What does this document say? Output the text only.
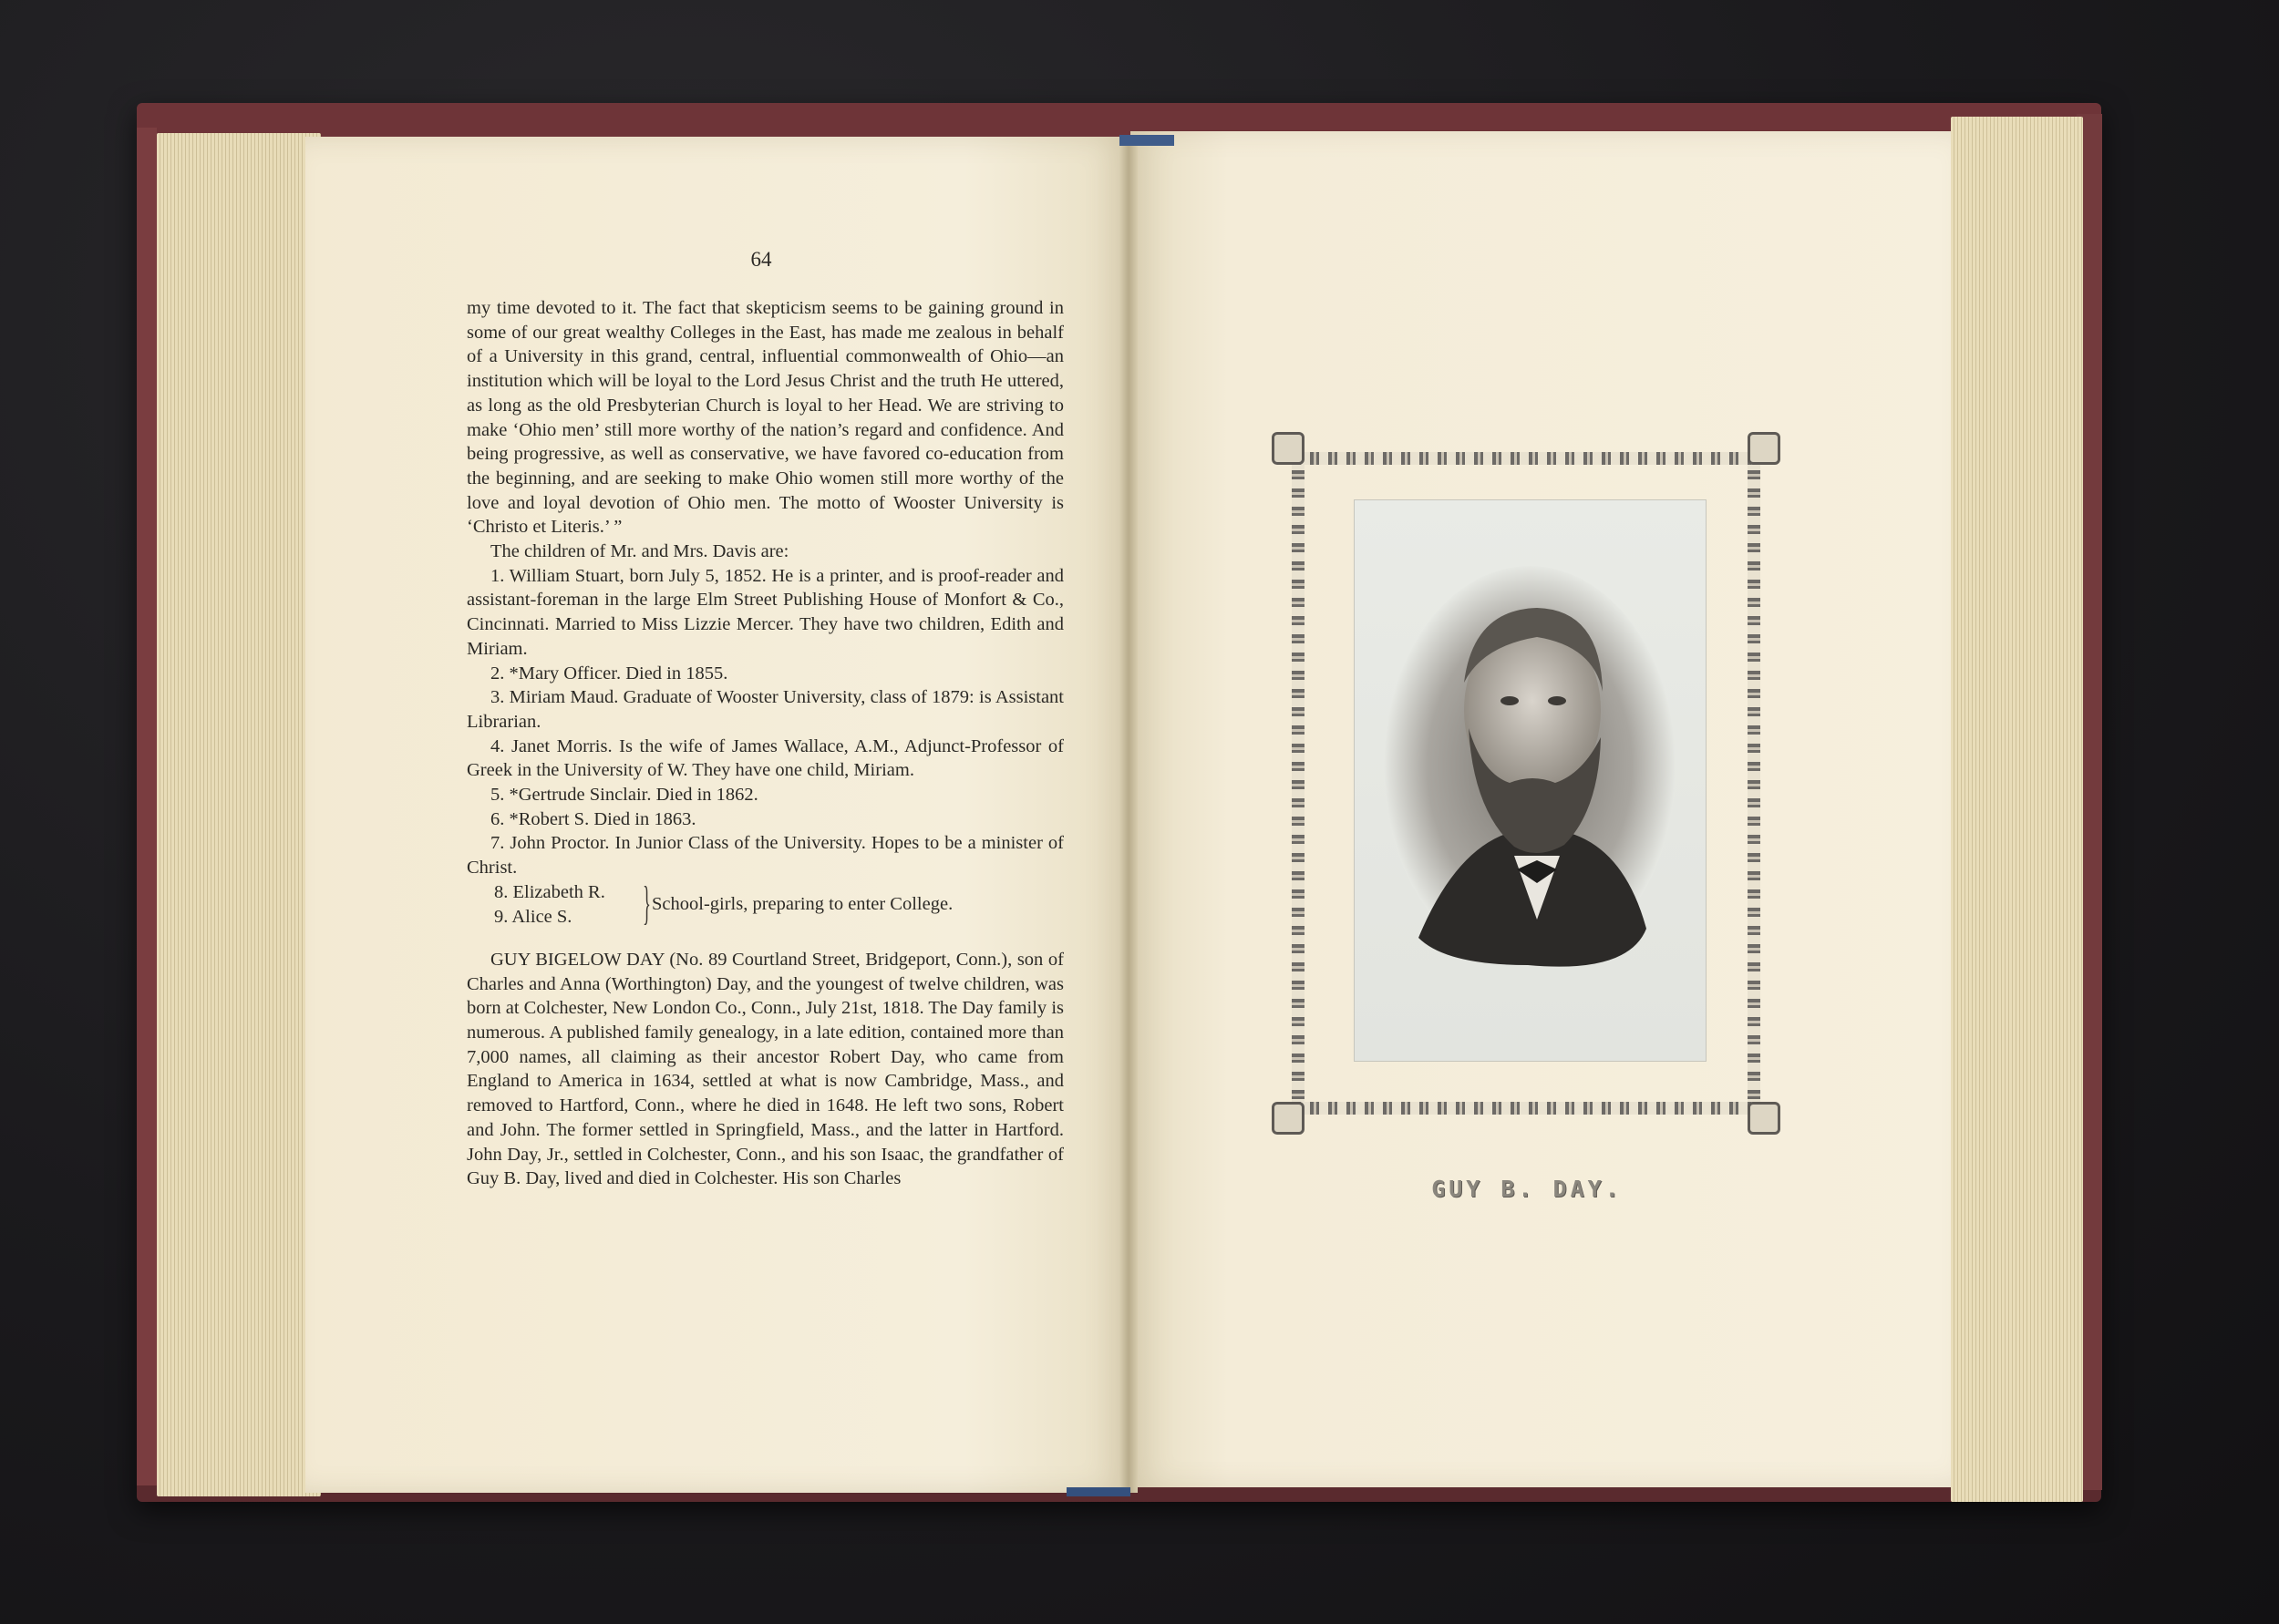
64
my time devoted to it. The fact that skepticism seems to be gaining ground in some of our great wealthy Colleges in the East, has made me zealous in behalf of a University in this grand, central, influential commonwealth of Ohio—an institution which will be loyal to the Lord Jesus Christ and the truth He uttered, as long as the old Presbyterian Church is loyal to her Head. We are striving to make ‘Ohio men’ still more worthy of the nation’s regard and confidence. And being progressive, as well as conservative, we have favored co-education from the beginning, and are seeking to make Ohio women still more worthy of the love and loyal devotion of Ohio men. The motto of Wooster University is ‘Christo et Literis.’ ”
The children of Mr. and Mrs. Davis are:
1. William Stuart, born July 5, 1852. He is a printer, and is proof-reader and assistant-foreman in the large Elm Street Publishing House of Monfort & Co., Cincinnati. Married to Miss Lizzie Mercer. They have two children, Edith and Miriam.
2. *Mary Officer. Died in 1855.
3. Miriam Maud. Graduate of Wooster University, class of 1879: is Assistant Librarian.
4. Janet Morris. Is the wife of James Wallace, A.M., Adjunct-Professor of Greek in the University of W. They have one child, Miriam.
5. *Gertrude Sinclair. Died in 1862.
6. *Robert S. Died in 1863.
7. John Proctor. In Junior Class of the University. Hopes to be a minister of Christ.
8. Elizabeth R.
9. Alice S.	} School-girls, preparing to enter College.
GUY BIGELOW DAY (No. 89 Courtland Street, Bridgeport, Conn.), son of Charles and Anna (Worthington) Day, and the youngest of twelve children, was born at Colchester, New London Co., Conn., July 21st, 1818. The Day family is numerous. A published family genealogy, in a late edition, contained more than 7,000 names, all claiming as their ancestor Robert Day, who came from England to America in 1634, settled at what is now Cambridge, Mass., and removed to Hartford, Conn., where he died in 1648. He left two sons, Robert and John. The former settled in Springfield, Mass., and the latter in Hartford. John Day, Jr., settled in Colchester, Conn., and his son Isaac, the grandfather of Guy B. Day, lived and died in Colchester. His son Charles	GUY B. DAY.
